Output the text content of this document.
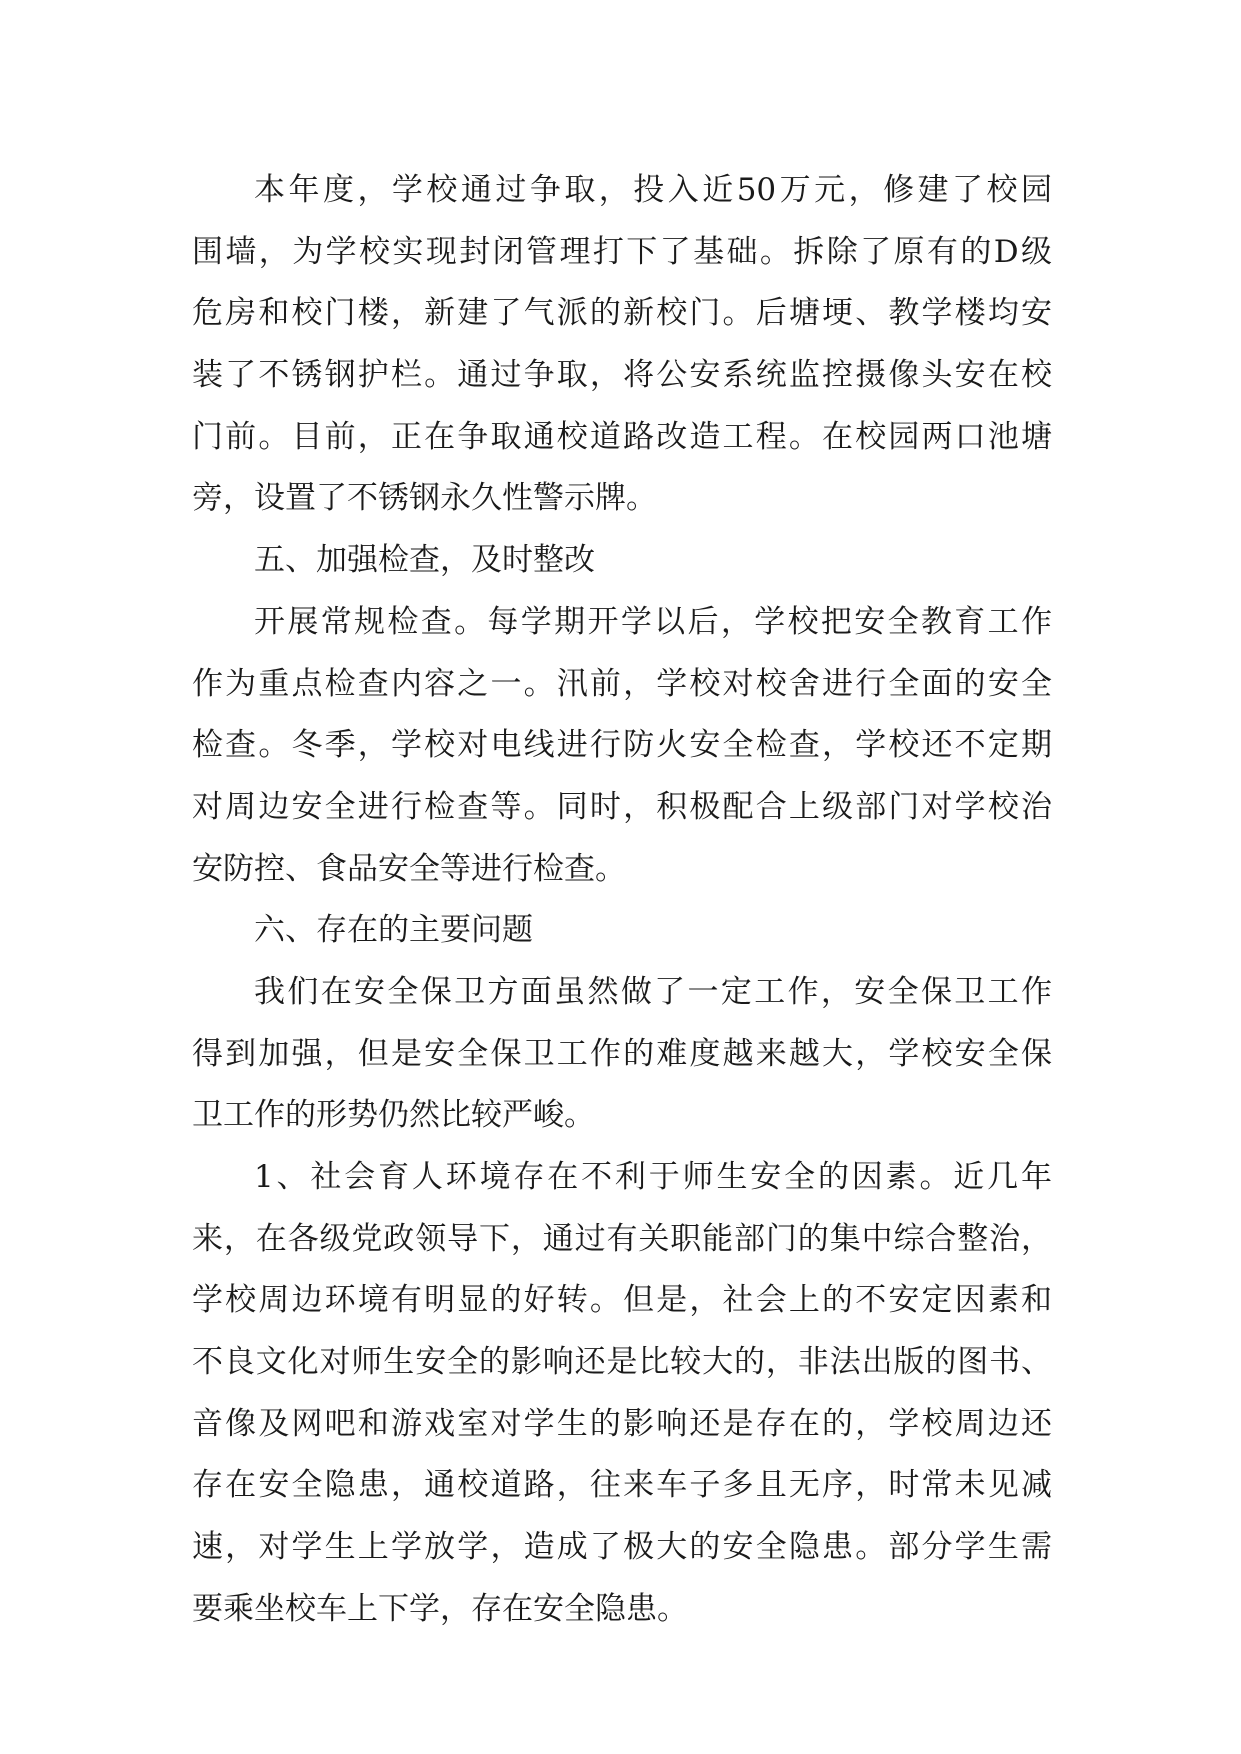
本年度，学校通过争取，投入近50万元，修建了校园
围墙，为学校实现封闭管理打下了基础。拆除了原有的D级
危房和校门楼，新建了气派的新校门。后塘埂、教学楼均安
装了不锈钢护栏。通过争取，将公安系统监控摄像头安在校
门前。目前，正在争取通校道路改造工程。在校园两口池塘
旁，设置了不锈钢永久性警示牌。
五、加强检查，及时整改
开展常规检查。每学期开学以后，学校把安全教育工作
作为重点检查内容之一。汛前，学校对校舍进行全面的安全
检查。冬季，学校对电线进行防火安全检查，学校还不定期
对周边安全进行检查等。同时，积极配合上级部门对学校治
安防控、食品安全等进行检查。
六、存在的主要问题
我们在安全保卫方面虽然做了一定工作，安全保卫工作
得到加强，但是安全保卫工作的难度越来越大，学校安全保
卫工作的形势仍然比较严峻。
1、社会育人环境存在不利于师生安全的因素。近几年
来，在各级党政领导下，通过有关职能部门的集中综合整治，
学校周边环境有明显的好转。但是，社会上的不安定因素和
不良文化对师生安全的影响还是比较大的，非法出版的图书、
音像及网吧和游戏室对学生的影响还是存在的，学校周边还
存在安全隐患，通校道路，往来车子多且无序，时常未见减
速，对学生上学放学，造成了极大的安全隐患。部分学生需
要乘坐校车上下学，存在安全隐患。
